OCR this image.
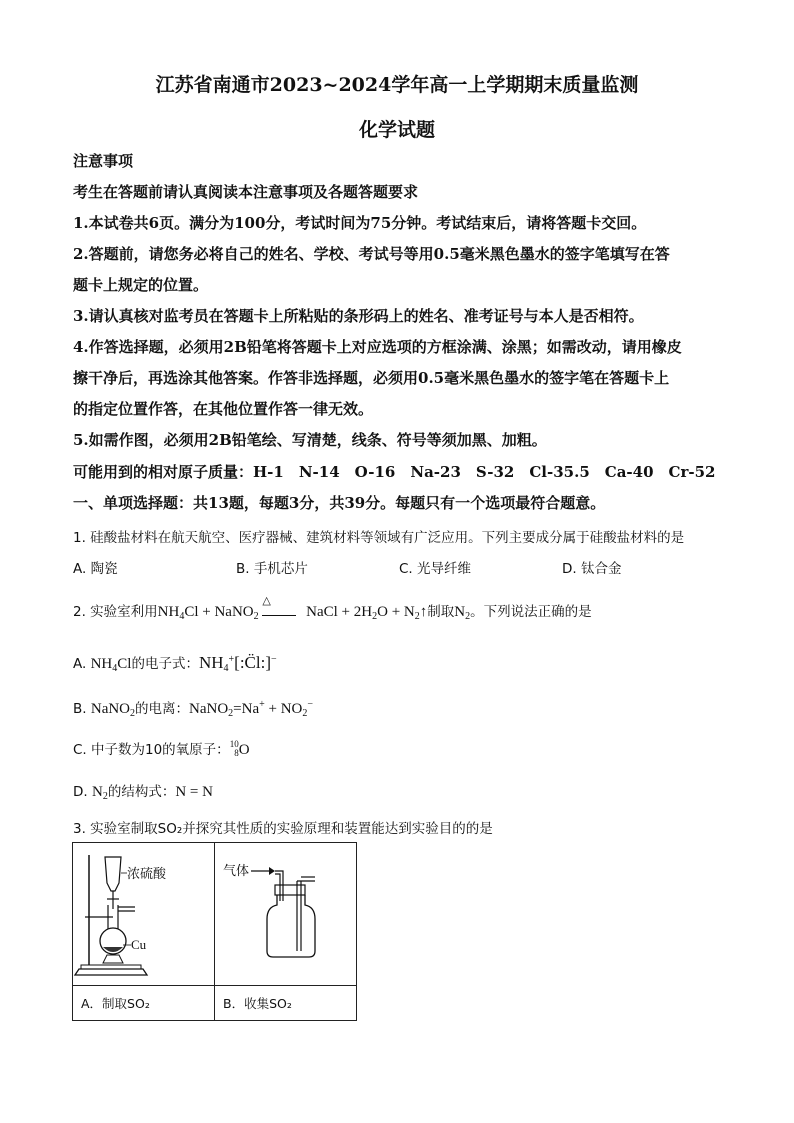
江苏省南通市2023~2024学年高一上学期期末质量监测
化学试题
注意事项
考生在答题前请认真阅读本注意事项及各题答题要求
1.本试卷共6页。满分为100分，考试时间为75分钟。考试结束后，请将答题卡交回。
2.答题前，请您务必将自己的姓名、学校、考试号等用0.5毫米黑色墨水的签字笔填写在答
题卡上规定的位置。
3.请认真核对监考员在答题卡上所粘贴的条形码上的姓名、准考证号与本人是否相符。
4.作答选择题，必须用2B铅笔将答题卡上对应选项的方框涂满、涂黑；如需改动，请用橡皮
擦干净后，再选涂其他答案。作答非选择题，必须用0.5毫米黑色墨水的签字笔在答题卡上
的指定位置作答，在其他位置作答一律无效。
5.如需作图，必须用2B铅笔绘、写清楚，线条、符号等须加黑、加粗。
可能用到的相对原子质量：H-1　N-14　O-16　Na-23　S-32　Cl-35.5　Ca-40　Cr-52
一、单项选择题：共13题，每题3分，共39分。每题只有一个选项最符合题意。
1. 硅酸盐材料在航天航空、医疗器械、建筑材料等领域有广泛应用。下列主要成分属于硅酸盐材料的是
A. 陶瓷	B. 手机芯片	C. 光导纤维	D. 钛合金
2. 实验室利用$NH_4Cl$ + NaNO$_2$
△
NaCl + $2H_2O$ + $N_2↑$制取$N_2$。下列说法正确的是
A. $NH_4Cl$的电子式：$NH_4^+[:C̈l:]^-$
B. NaNO$_2$的电离：NaNO$_2$=Na+ + $NO_2^-$
C. 中子数为10的氧原子：10
8O
D. $N_2$的结构式：N = N
3. 实验室制取SO₂并探究其性质的实验原理和装置能达到实验目的的是
浓硫酸
Cu	气体

A．制取SO₂	B．收集SO₂
